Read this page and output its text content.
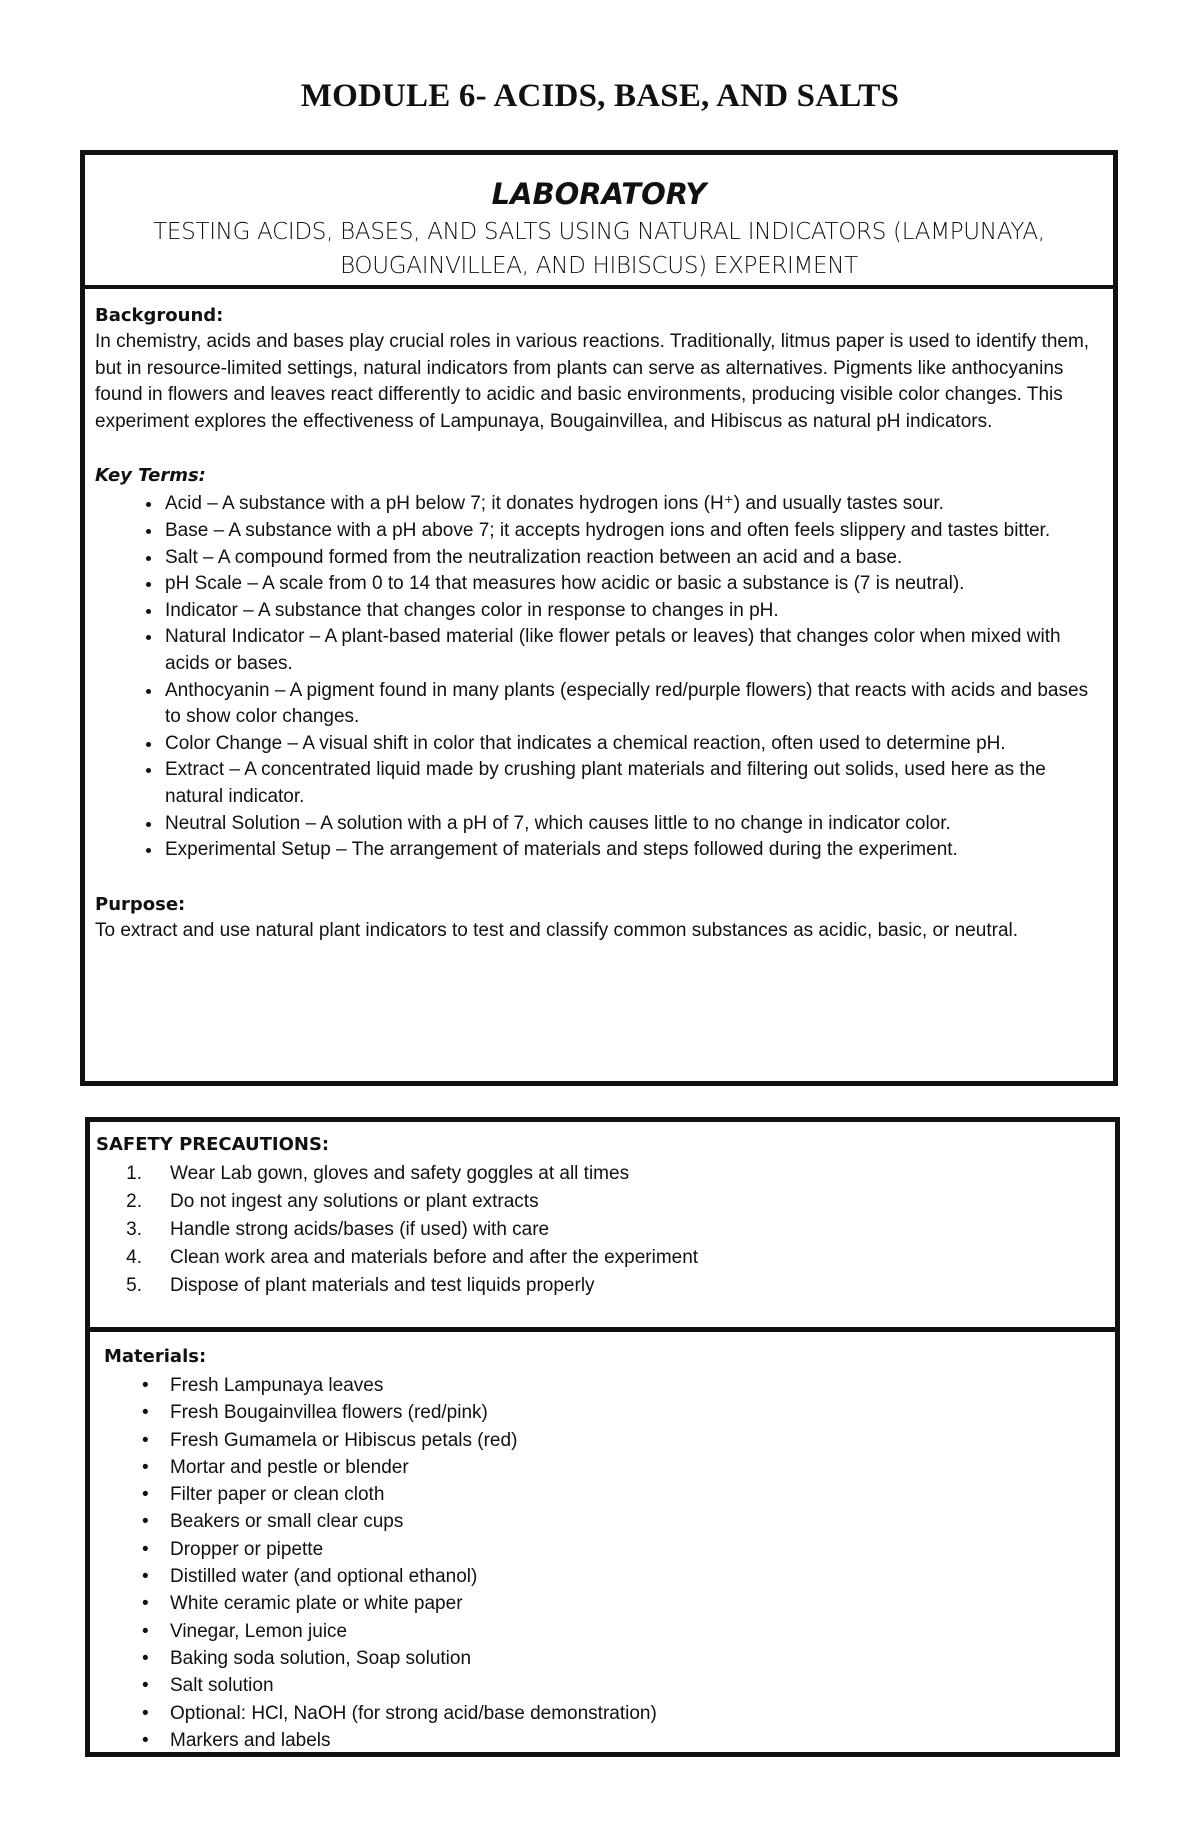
MODULE 6- ACIDS, BASE, AND SALTS
LABORATORY
TESTING ACIDS, BASES, AND SALTS USING NATURAL INDICATORS (LAMPUNAYA, BOUGAINVILLEA, AND HIBISCUS) EXPERIMENT
Background:

In chemistry, acids and bases play crucial roles in various reactions. Traditionally, litmus paper is used to identify them, but in resource-limited settings, natural indicators from plants can serve as alternatives. Pigments like anthocyanins found in flowers and leaves react differently to acidic and basic environments, producing visible color changes. This experiment explores the effectiveness of Lampunaya, Bougainvillea, and Hibiscus as natural pH indicators.

Key Terms:
• Acid – A substance with a pH below 7; it donates hydrogen ions (H⁺) and usually tastes sour.
• Base – A substance with a pH above 7; it accepts hydrogen ions and often feels slippery and tastes bitter.
• Salt – A compound formed from the neutralization reaction between an acid and a base.
• pH Scale – A scale from 0 to 14 that measures how acidic or basic a substance is (7 is neutral).
• Indicator – A substance that changes color in response to changes in pH.
• Natural Indicator – A plant-based material (like flower petals or leaves) that changes color when mixed with acids or bases.
• Anthocyanin – A pigment found in many plants (especially red/purple flowers) that reacts with acids and bases to show color changes.
• Color Change – A visual shift in color that indicates a chemical reaction, often used to determine pH.
• Extract – A concentrated liquid made by crushing plant materials and filtering out solids, used here as the natural indicator.
• Neutral Solution – A solution with a pH of 7, which causes little to no change in indicator color.
• Experimental Setup – The arrangement of materials and steps followed during the experiment.
Purpose:

To extract and use natural plant indicators to test and classify common substances as acidic, basic, or neutral.

SAFETY PRECAUTIONS:
1.	Wear Lab gown, gloves and safety goggles at all times
2.	Do not ingest any solutions or plant extracts
3.	Handle strong acids/bases (if used) with care
4.	Clean work area and materials before and after the experiment
5.	Dispose of plant materials and test liquids properly
Materials:
•	Fresh Lampunaya leaves
•	Fresh Bougainvillea flowers (red/pink)
•	Fresh Gumamela or Hibiscus petals (red)
•	Mortar and pestle or blender
•	Filter paper or clean cloth
•	Beakers or small clear cups
•	Dropper or pipette
•	Distilled water (and optional ethanol)
•	White ceramic plate or white paper
•	Vinegar, Lemon juice
•	Baking soda solution, Soap solution
•	Salt solution
•	Optional: HCl, NaOH (for strong acid/base demonstration)
•	Markers and labels
